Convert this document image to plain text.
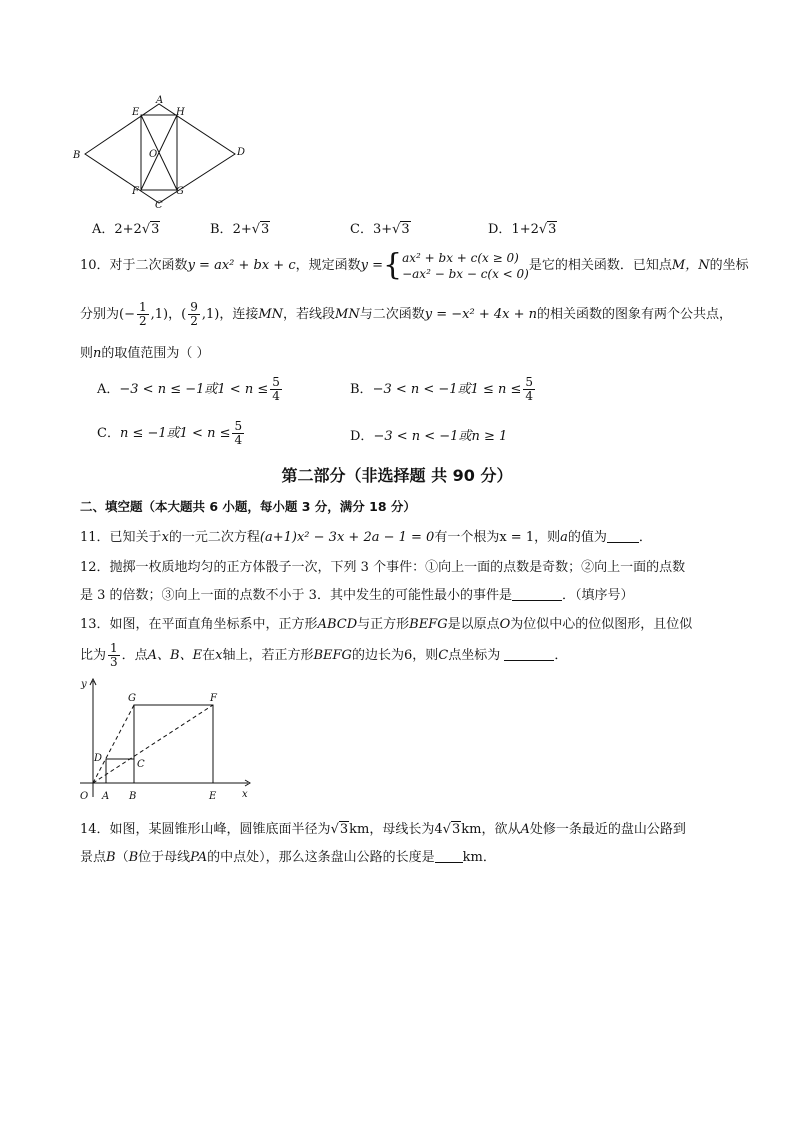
A
B
C
D
E
F	G
H
O
A．2+2√3	B．2+√3	C．3+√3	D．1+2√3
10．对于二次函数y = ax² + bx + c，规定函数y ={ ax² + bx + c(x ≥ 0)
−ax² − bx − c(x < 0)
是它的相关函数．已知点M，N的坐标
分别为(− $\frac{1}{2} ,1$)，( $\frac{9}{2} ,1$)，连接MN，若线段MN与二次函数y = −x² + 4x + n的相关函数的图象有两个公共点，
则n的取值范围为（ ）
A．−3 < n ≤ −1或$1 < n \le \frac{5}{4}$	B．−3 < n < −1或$1 \le n \le \frac{5}{4}$
C．n ≤ −1或$1 < n \le \frac{5}{4}$	D．−3 < n < −1或n ≥ 1
第二部分（非选择题 共 90 分）
二、填空题（本大题共 6 小题，每小题 3 分，满分 18 分）
11．已知关于x的一元二次方程(a+1)x² − 3x + 2a − 1 = 0有一个根为x = 1，则a的值为 ．
12．抛掷一枚质地均匀的正方体骰子一次，下列 3 个事件：①向上一面的点数是奇数；②向上一面的点数
是 3 的倍数；③向上一面的点数不小于 3．其中发生的可能性最小的事件是	．（填序号）
13．如图，在平面直角坐标系中，正方形ABCD与正方形BEFG是以原点O为位似中心的位似图形，且位似
比为 $\frac{1}{3}$ ．点A、B、E在x轴上，若正方形BEFG的边长为6，则C点坐标为	．
y
x
O A B	E
C
D
F
G
14．如图，某圆锥形山峰，圆锥底面半径为√3km，母线长为4√3km，欲从A处修一条最近的盘山公路到
景点B（B位于母线PA的中点处），那么这条盘山公路的长度是 km．
